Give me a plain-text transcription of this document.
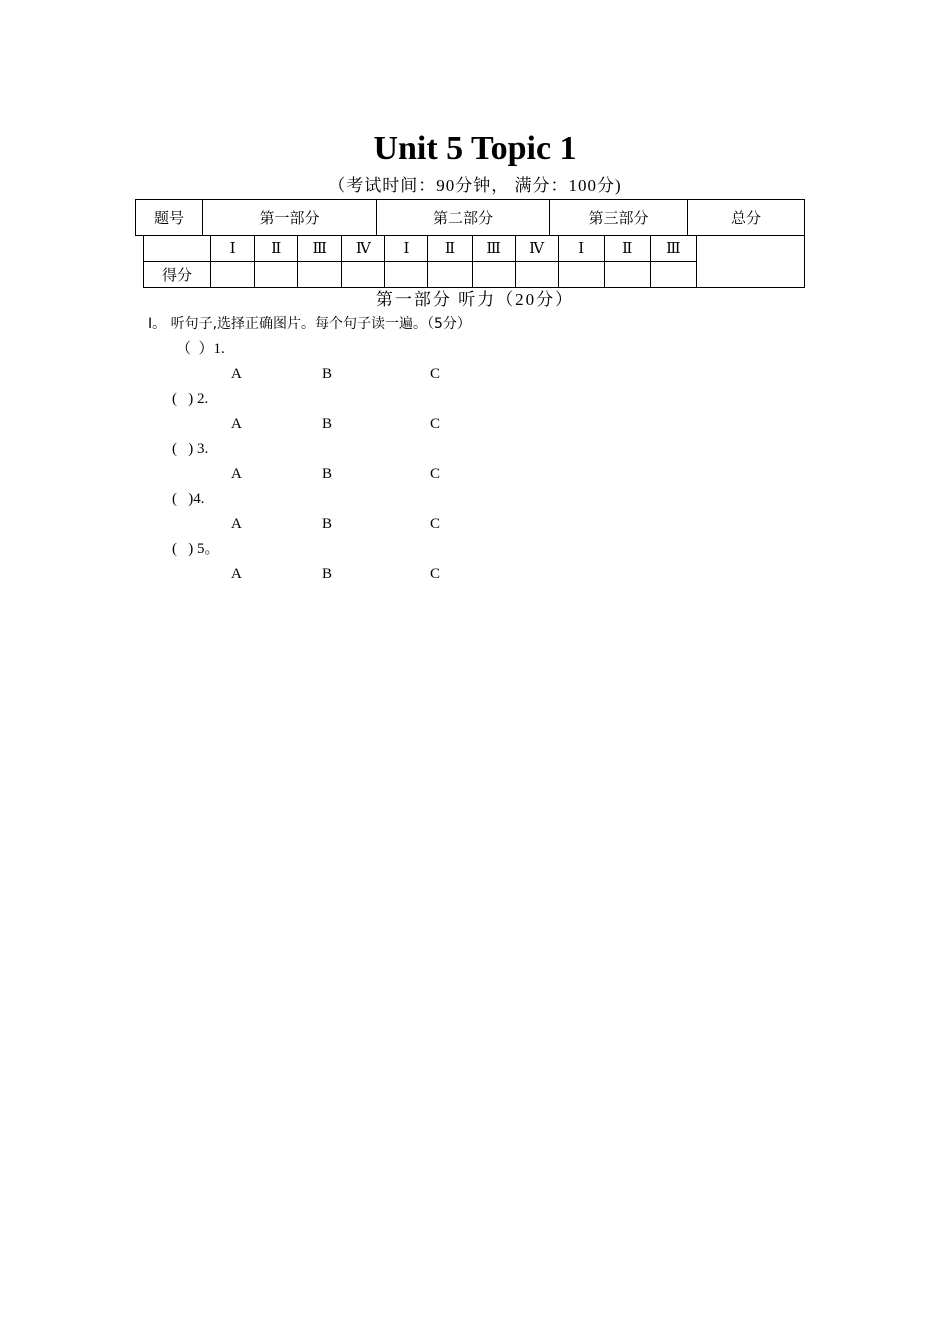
Unit 5 Topic 1
（考试时间：90分钟， 满分：100分)
题号	第一部分	第二部分	第三部分	总分
	Ⅰ	Ⅱ	Ⅲ	Ⅳ	Ⅰ	Ⅱ	Ⅲ	Ⅳ	Ⅰ	Ⅱ	Ⅲ
得分											
第一部分 听力（20分）
Ⅰ。 听句子,选择正确图片。每个句子读一遍。（5分）
（  ）1.
A	B	C
(   ) 2.
A	B	C
(   ) 3.
A	B	C
(   )4.
A	B	C
(   ) 5。
A	B	C
